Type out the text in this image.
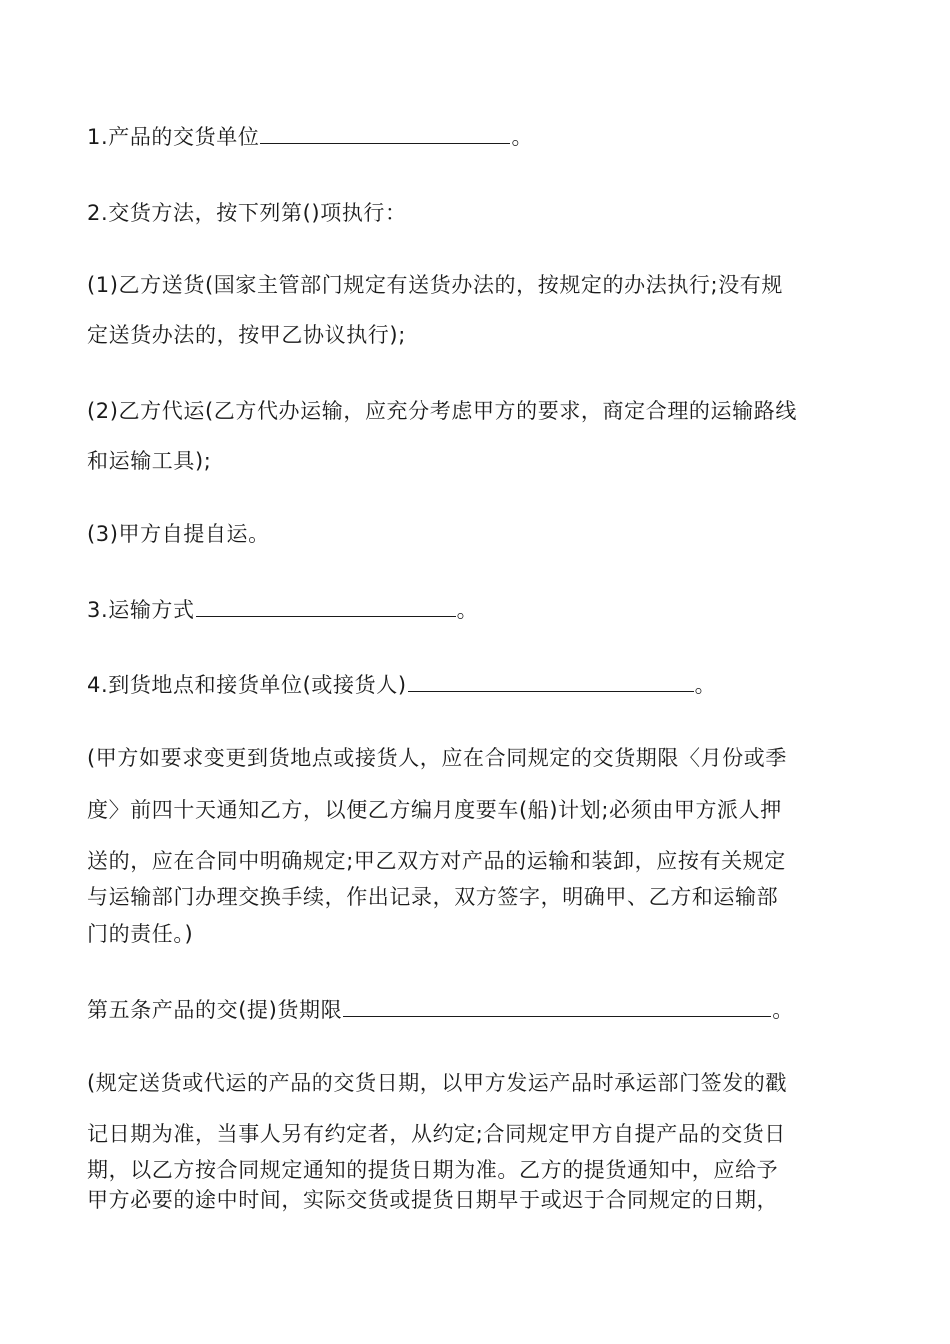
1.产品的交货单位	。
2.交货方法，按下列第()项执行：
(1)乙方送货(国家主管部门规定有送货办法的，按规定的办法执行;没有规
定送货办法的，按甲乙协议执行);
(2)乙方代运(乙方代办运输，应充分考虑甲方的要求，商定合理的运输路线
和运输工具);
(3)甲方自提自运。
3.运输方式	。
4.到货地点和接货单位(或接货人)	。
(甲方如要求变更到货地点或接货人，应在合同规定的交货期限〈月份或季
度〉前四十天通知乙方，以便乙方编月度要车(船)计划;必须由甲方派人押
送的，应在合同中明确规定;甲乙双方对产品的运输和装卸，应按有关规定
与运输部门办理交换手续，作出记录，双方签字，明确甲、乙方和运输部
门的责任。)
第五条产品的交(提)货期限	。
(规定送货或代运的产品的交货日期，以甲方发运产品时承运部门签发的戳
记日期为准，当事人另有约定者，从约定;合同规定甲方自提产品的交货日
期，以乙方按合同规定通知的提货日期为准。乙方的提货通知中，应给予
甲方必要的途中时间，实际交货或提货日期早于或迟于合同规定的日期，
